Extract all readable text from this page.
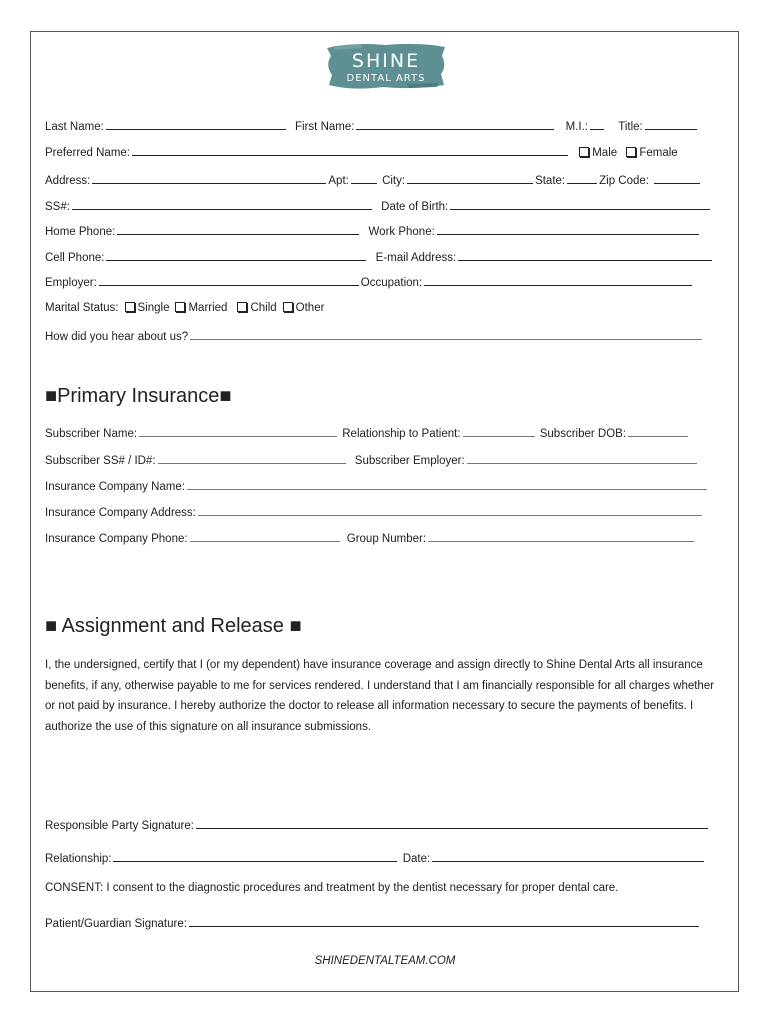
SHINE
DENTAL ARTS
Last Name:	First Name:	M.I.:	Title:
Preferred Name:	Male Female
Address:	Apt:	City:	State:	Zip Code:
SS#:	Date of Birth:
Home Phone:	Work Phone:
Cell Phone:	E-mail Address:
Employer:	Occupation:
Marital Status: Single Married Child Other
How did you hear about us?
■Primary Insurance■
Subscriber Name:	Relationship to Patient:	Subscriber DOB:
Subscriber SS# / ID#:	Subscriber Employer:
Insurance Company Name:
Insurance Company Address:
Insurance Company Phone:	Group Number:
■ Assignment and Release ■
I, the undersigned, certify that I (or my dependent) have insurance coverage and assign directly to Shine Dental Arts all insurance benefits, if any, otherwise payable to me for services rendered. I understand that I am financially responsible for all charges whether or not paid by insurance. I hereby authorize the doctor to release all information necessary to secure the payments of benefits. I authorize the use of this signature on all insurance submissions.
Responsible Party Signature:
Relationship:	Date:
CONSENT: I consent to the diagnostic procedures and treatment by the dentist necessary for proper dental care.
Patient/Guardian Signature:
SHINEDENTALTEAM.COM
